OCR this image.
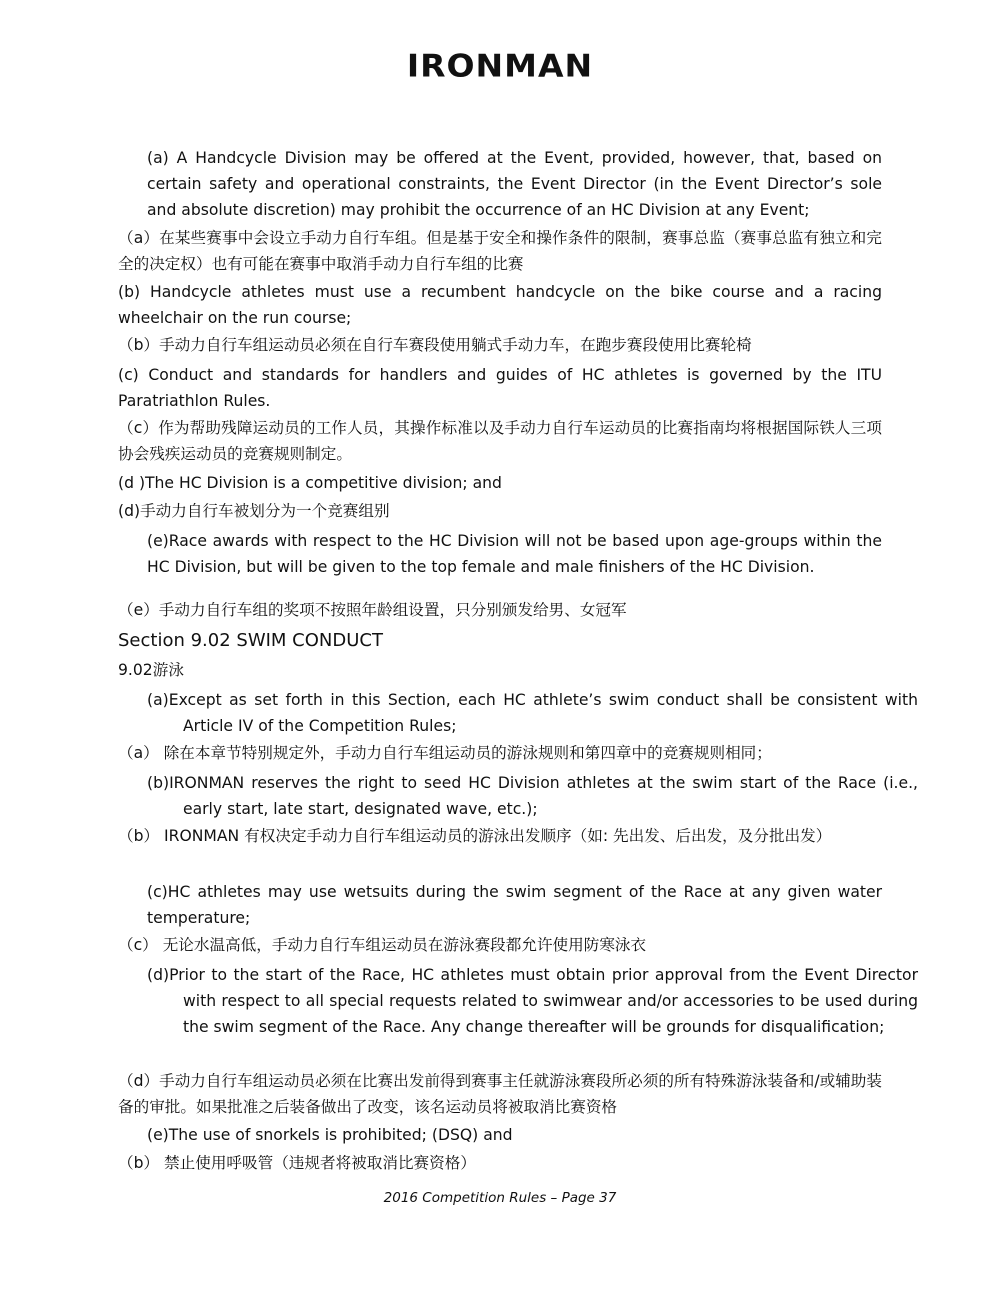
IRONMAN

(a) A Handcycle Division may be offered at the Event, provided, however, that, based on certain safety and operational constraints, the Event Director (in the Event Director’s sole and absolute discretion) may prohibit the occurrence of an HC Division at any Event;

（a）在某些赛事中会设立手动力自行车组。但是基于安全和操作条件的限制，赛事总监（赛事总监有独立和完全的决定权）也有可能在赛事中取消手动力自行车组的比赛

(b) Handcycle athletes must use a recumbent handcycle on the bike course and a racing wheelchair on the run course;

（b）手动力自行车组运动员必须在自行车赛段使用躺式手动力车，在跑步赛段使用比赛轮椅

(c) Conduct and standards for handlers and guides of HC athletes is governed by the ITU Paratriathlon Rules.

（c）作为帮助残障运动员的工作人员，其操作标准以及手动力自行车运动员的比赛指南均将根据国际铁人三项协会残疾运动员的竞赛规则制定。

(d )The HC Division is a competitive division; and

(d)手动力自行车被划分为一个竞赛组别

(e)Race awards with respect to the HC Division will not be based upon age-groups within the HC Division, but will be given to the top female and male finishers of the HC Division.

（e）手动力自行车组的奖项不按照年龄组设置，只分别颁发给男、女冠军

Section 9.02 SWIM CONDUCT

9.02游泳

(a)Except as set forth in this Section, each HC athlete’s swim conduct shall be consistent with Article IV of the Competition Rules;

（a） 除在本章节特别规定外，手动力自行车组运动员的游泳规则和第四章中的竞赛规则相同；

(b)IRONMAN reserves the right to seed HC Division athletes at the swim start of the Race (i.e., early start, late start, designated wave, etc.);

（b） IRONMAN 有权决定手动力自行车组运动员的游泳出发顺序（如: 先出发、后出发，及分批出发）

(c)HC athletes may use wetsuits during the swim segment of the Race at any given water temperature;

（c） 无论水温高低，手动力自行车组运动员在游泳赛段都允许使用防寒泳衣

(d)Prior to the start of the Race, HC athletes must obtain prior approval from the Event Director with respect to all special requests related to swimwear and/or accessories to be used during the swim segment of the Race. Any change thereafter will be grounds for disqualification;

（d）手动力自行车组运动员必须在比赛出发前得到赛事主任就游泳赛段所必须的所有特殊游泳装备和/或辅助装备的审批。如果批准之后装备做出了改变，该名运动员将被取消比赛资格

(e)The use of snorkels is prohibited; (DSQ) and

（b） 禁止使用呼吸管（违规者将被取消比赛资格）

2016 Competition Rules – Page 37
